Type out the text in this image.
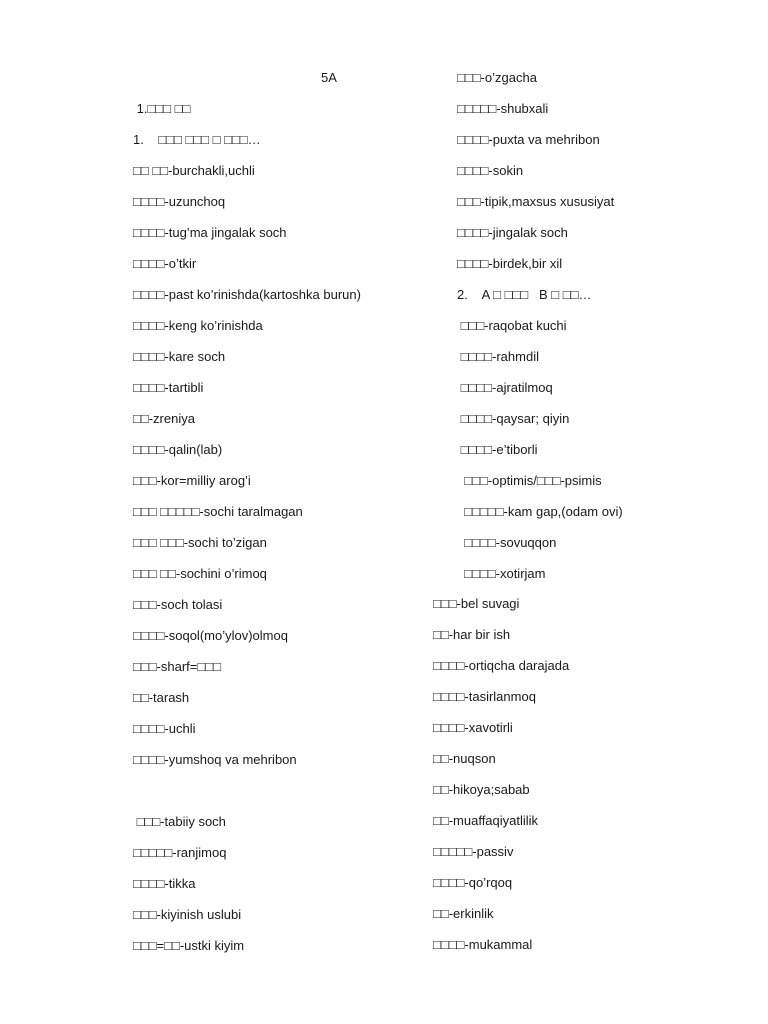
5A
1.□□□ □□
1.    □□□ □□□ □ □□□…
□□ □□-burchakli,uchli
□□□□-uzunchoq
□□□□-tug’ma jingalak soch
□□□□-o’tkir
□□□□-past ko’rinishda(kartoshka burun)
□□□□-keng ko’rinishda
□□□□-kare soch
□□□□-tartibli
□□-zreniya
□□□□-qalin(lab)
□□□-kor=milliy arog’i
□□□ □□□□□-sochi taralmagan
□□□ □□□-sochi to’zigan
□□□ □□-sochini o’rimoq
□□□-soch tolasi
□□□□-soqol(mo’ylov)olmoq
□□□-sharf=□□□
□□-tarash
□□□□-uchli
□□□□-yumshoq va mehribon
□□□-tabiiy soch
□□□□□-ranjimoq
□□□□-tikka
□□□-kiyinish uslubi
□□□=□□-ustki kiyim
□□□-o’zgacha
□□□□□-shubxali
□□□□-puxta va mehribon
□□□□-sokin
□□□-tipik,maxsus xususiyat
□□□□-jingalak soch
□□□□-birdek,bir xil
2.    A □ □□□   B □ □□…
□□□-raqobat kuchi
□□□□-rahmdil
□□□□-ajratilmoq
□□□□-qaysar; qiyin
□□□□-e’tiborli
□□□-optimis/□□□-psimis
□□□□□-kam gap,(odam ovi)
□□□□-sovuqqon
□□□□-xotirjam
□□□-bel suvagi
□□-har bir ish
□□□□-ortiqcha darajada
□□□□-tasirlanmoq
□□□□-xavotirli
□□-nuqson
□□-hikoya;sabab
□□-muaffaqiyatlilik
□□□□□-passiv
□□□□-qo’rqoq
□□-erkinlik
□□□□-mukammal
